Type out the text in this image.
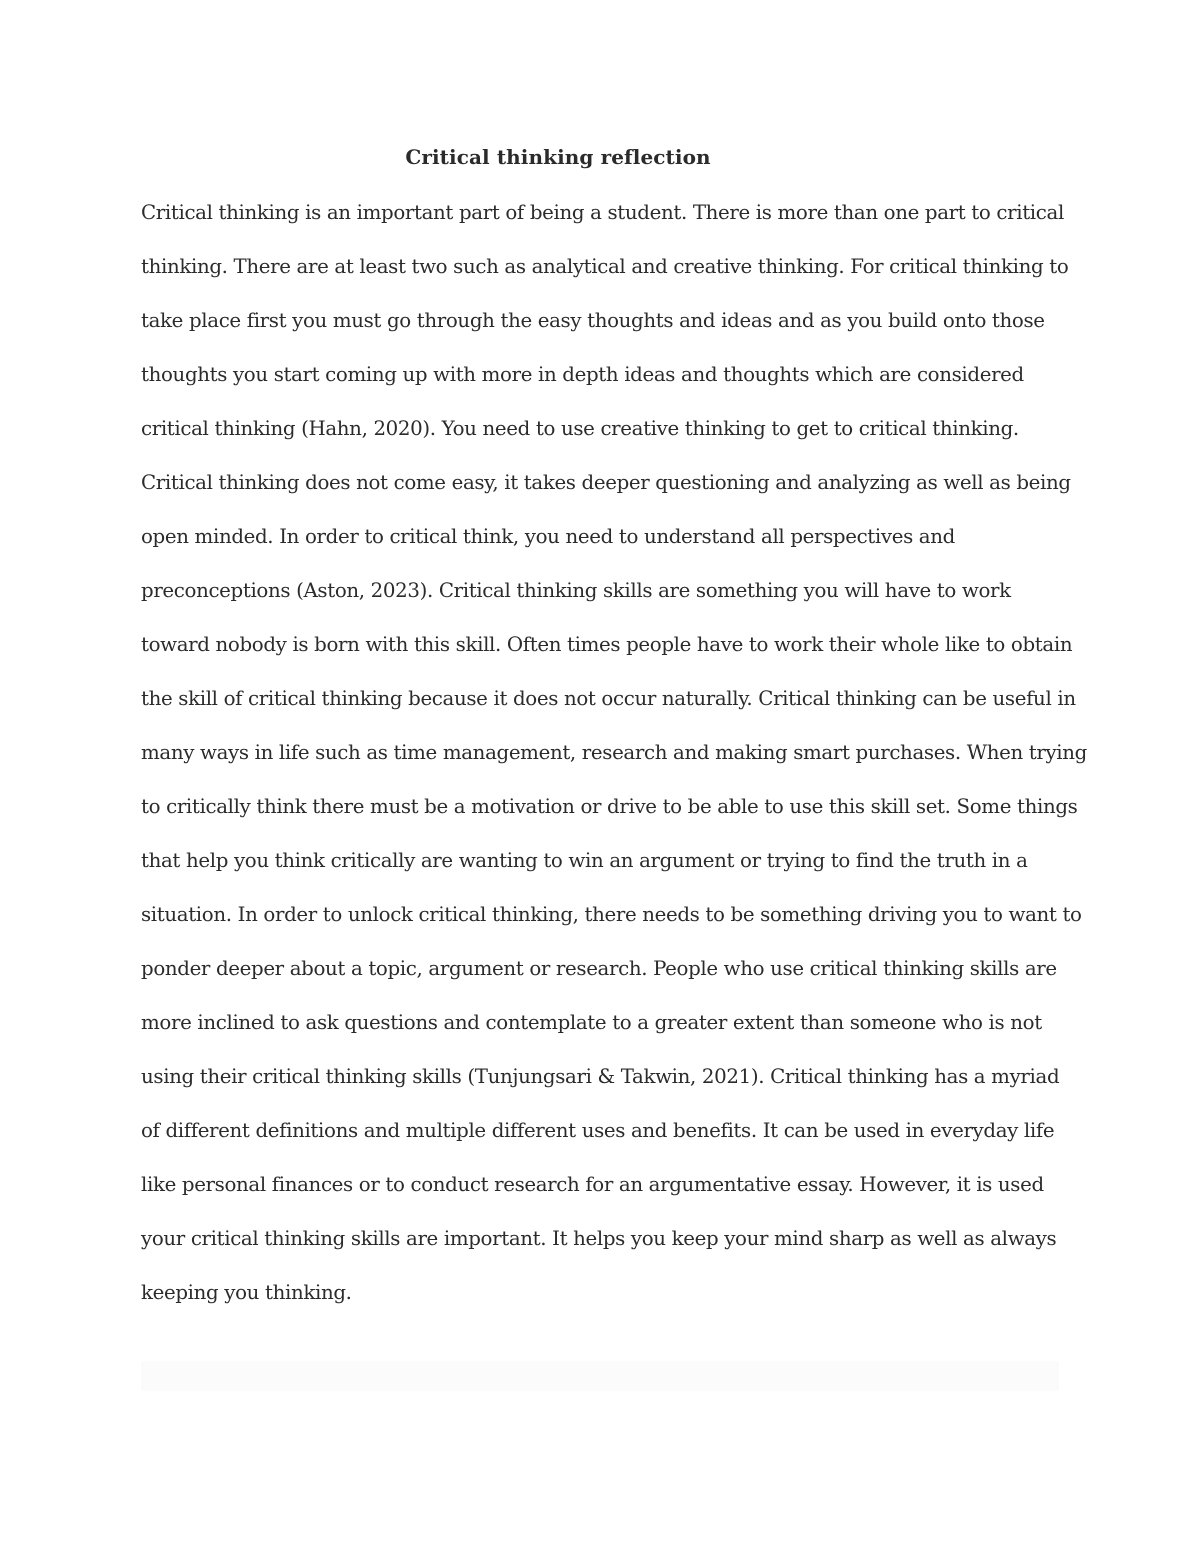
Critical thinking reflection
Critical thinking is an important part of being a student. There is more than one part to critical
thinking. There are at least two such as analytical and creative thinking. For critical thinking to
take place first you must go through the easy thoughts and ideas and as you build onto those
thoughts you start coming up with more in depth ideas and thoughts which are considered
critical thinking (Hahn, 2020). You need to use creative thinking to get to critical thinking.
Critical thinking does not come easy, it takes deeper questioning and analyzing as well as being
open minded. In order to critical think, you need to understand all perspectives and
preconceptions (Aston, 2023). Critical thinking skills are something you will have to work
toward nobody is born with this skill. Often times people have to work their whole like to obtain
the skill of critical thinking because it does not occur naturally. Critical thinking can be useful in
many ways in life such as time management, research and making smart purchases. When trying
to critically think there must be a motivation or drive to be able to use this skill set. Some things
that help you think critically are wanting to win an argument or trying to find the truth in a
situation. In order to unlock critical thinking, there needs to be something driving you to want to
ponder deeper about a topic, argument or research. People who use critical thinking skills are
more inclined to ask questions and contemplate to a greater extent than someone who is not
using their critical thinking skills (Tunjungsari & Takwin, 2021). Critical thinking has a myriad
of different definitions and multiple different uses and benefits. It can be used in everyday life
like personal finances or to conduct research for an argumentative essay. However, it is used
your critical thinking skills are important. It helps you keep your mind sharp as well as always
keeping you thinking.
